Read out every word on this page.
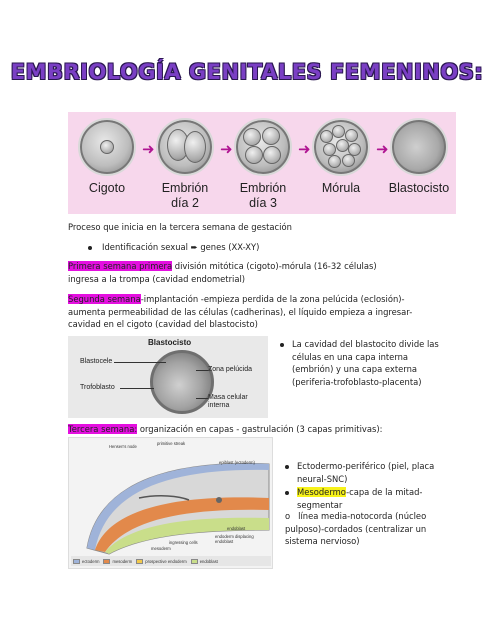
EMBRIOLOGÍA GENITALES FEMENINOS:
➜	➜	➜	➜
Cigoto	Embrión
día 2
Embrión
día 3
Mórula	Blastocisto
Proceso que inicia en la tercera semana de gestación
Identificación sexual ➨ genes (XX-XY)
Primera semana primera división mitótica (cigoto)-mórula (16-32 células) ingresa a la trompa (cavidad endometrial)
Segunda semana-implantación -empieza perdida de la zona pelúcida (eclosión)-aumenta permeabilidad de las células (cadherinas), el líquido empieza a ingresar-cavidad en el cigoto (cavidad del blastocisto)
Blastocisto
Blastocele
Trofoblasto
Zona pelúcida
Masa celular
interna
La cavidad del blastocito divide las células en una capa interna (embrión) y una capa externa (periferia-trofoblasto-placenta)
Tercera semana: organización en capas - gastrulación (3 capas primitivas):
Hensen's node
primitive streak
epiblast (ectoderm)
endoblast
endoderm displacing endoblast
ingressing cells
mesoderm
ectoderm	mesoderm	prospective endoderm	endoblast
Ectodermo-periférico (piel, placa neural-SNC)
Mesodermo-capa de la mitad-segmentar
o línea media-notocorda (núcleo pulposo)-cordados (centralizar un sistema nervioso)
